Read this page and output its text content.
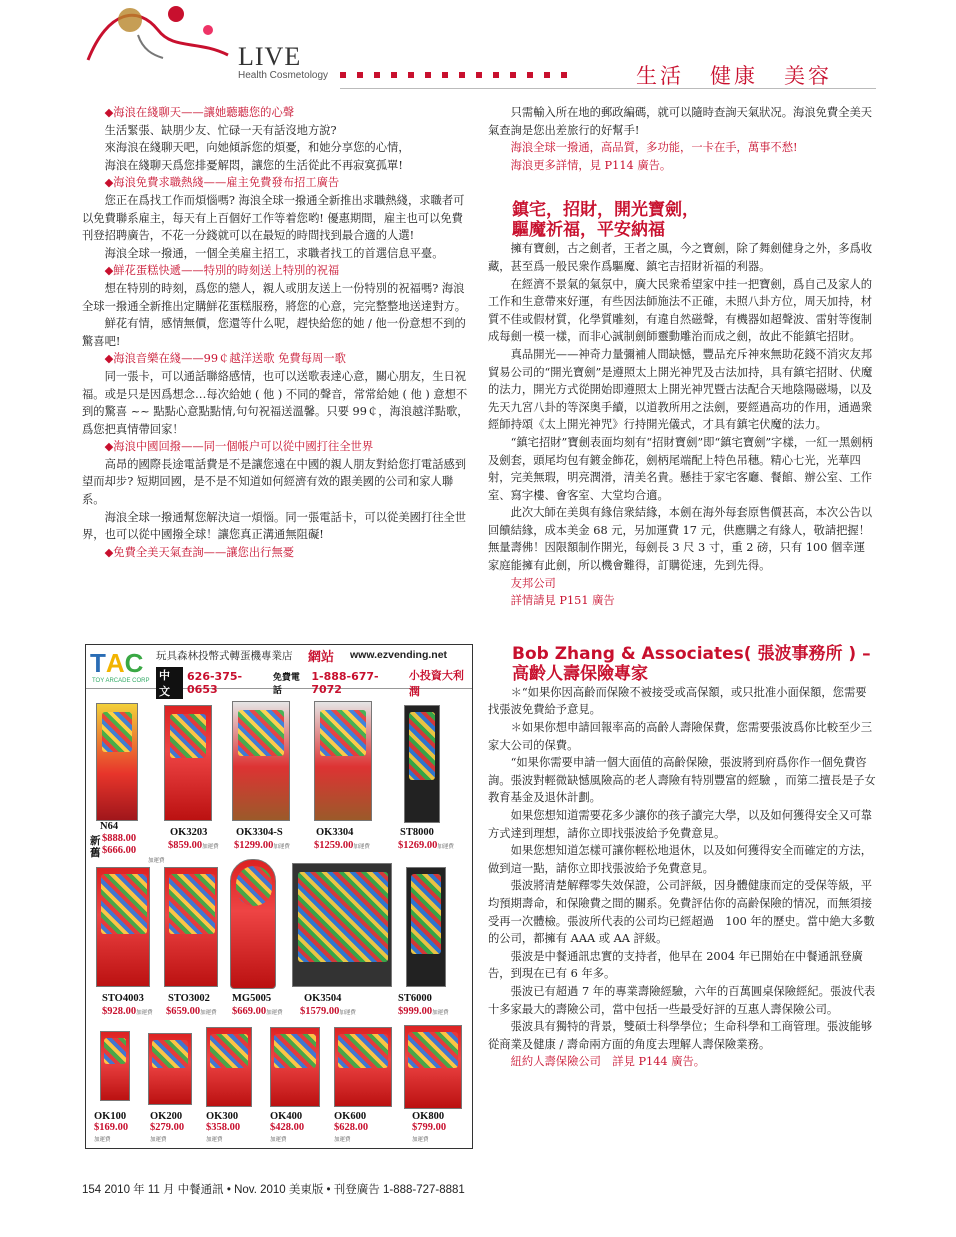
LIVE
Health Cosmetology	生活 健康 美容

◆海浪在綫聊天——讓她聽聽您的心聲

生活緊張、缺朋少友、忙碌一天有話沒地方說?

來海浪在綫聊天吧，向她傾訴您的煩憂，和她分享您的心情，

海浪在綫聊天爲您排憂解悶，讓您的生活從此不再寂寞孤單!

◆海浪免費求職熱綫——雇主免費發布招工廣告

您正在爲找工作而煩惱嗎? 海浪全球一撥通全新推出求職熱綫，求職者可以免費聯系雇主，每天有上百個好工作等着您哟! 優惠期間，雇主也可以免費刊登招聘廣告，不花一分錢就可以在最短的時間找到最合適的人選!

海浪全球一撥通，一個全美雇主招工，求職者找工的首選信息平臺。

◆鮮花蛋糕快遞——特別的時刻送上特別的祝福

想在特別的時刻，爲您的戀人，親人或朋友送上一份特別的祝福嗎? 海浪全球一撥通全新推出定購鮮花蛋糕服務，將您的心意，完完整整地送達對方。

鮮花有情，感情無價，您還等什么呢，趕快給您的她 / 他一份意想不到的驚喜吧!

◆海浪音樂在綫——99￠越洋送歌 免費每周一歌

同一張卡，可以通話聯絡感情，也可以送歌表達心意，關心朋友，生日祝福。或是只是因爲想念…每次給她 ( 他 ) 不同的聲音，常常給她 ( 他 ) 意想不到的驚喜 ~~ 點點心意點點情,句句祝福送溫馨。只要 99￠，海浪越洋點歌，爲您把真情帶回家！

◆海浪中國回撥——同一個帳户可以從中國打往全世界

高昂的國際長途電話費是不是讓您遠在中國的親人朋友對給您打電話感到望而却步? 短期回國，是不是不知道如何經濟有效的跟美國的公司和家人聯系。

海浪全球一撥通幫您解決這一煩惱。同一張電話卡，可以從美國打往全世界，也可以從中國撥全球！讓您真正溝通無阻礙!

◆免費全美天氣查詢——讓您出行無憂

T A C
TOY ARCADE CORP
玩具森林投幣式轉蛋機專業店 網站 www.ezvending.net
中文
626-375-0653
免費電話
1-888-677-7072
小投資大利潤
N64
新 $888.00
舊 $666.00
加運費
OK3203
$859.00加運費
OK3304-S
$1299.00加運費
OK3304
$1259.00加運費
ST8000
$1269.00加運費
STO4003
$928.00加運費
STO3002
$659.00加運費
MG5005
$669.00加運費
OK3504
$1579.00加運費
ST6000
$999.00加運費
OK100
$169.00
加運費
OK200
$279.00
加運費
OK300
$358.00
加運費
OK400
$428.00
加運費
OK600
$628.00
加運費
OK800
$799.00
加運費

只需輸入所在地的郵政編碼，就可以隨時查詢天氣狀况。海浪免費全美天氣查詢是您出差旅行的好幫手!

海浪全球一撥通，高品質，多功能，一卡在手，萬事不愁!

海浪更多詳情，見 P114 廣告。

鎮宅，招財，開光寶劍，
驅魔祈福，平安納福

擁有寶劍，古之劍者，王者之風，今之寶劍，除了舞劍健身之外，多爲收藏，甚至爲一般民衆作爲驅魔、鎮宅吉招財祈福的利器。

在經濟不景氣的氣氛中，廣大民衆希望家中挂一把寶劍，爲自己及家人的工作和生意帶來好運，有些因法師施法不正確，未照八卦方位，周天加持，材質不佳或假材質，化學質雕刻，有違自然磁聲，有機器如超聲波、雷射等復制成每劍一模一樣，而非心誠制劍師靈動雕治而成之劍，故此不能鎮宅招財。

真品開光——神奇力量彌補人間缺憾，豐品充斥神來無助花錢不消灾友邦貿易公司的“開光寶劍”是遵照太上開光神咒及古法加持，具有鎮宅招財、伏魔的法力，開光方式從開始即遵照太上開光神咒暨古法配合天地陰陽磁場，以及先天九宮八卦的等深奥手續，以道教所用之法劍，要經過高功的作用，通過衆經師持頌《太上開光神咒》行持開光儀式，才具有鎮宅伏魔的法力。

“鎮宅招財”寶劍表面均刻有“招財寶劍”即“鎮宅寶劍”字樣，一紅一黑劍柄及劍套，頭尾均包有鍍金飾花，劍柄尾端配上特色吊穗。精心七光，光華四射，完美無瑕，明亮潤滑，清美名貴。懸挂于家宅客廳、餐館、辦公室、工作室、寫字樓、會客室、大堂均合適。

此次大師在美與有緣信衆結緣，本劍在海外每套原售價甚高，本次公告以回饋結緣，成本美金 68 元，另加運費 17 元，供應購之有緣人，敬請把握！無量壽佛！因限額制作開光，每劍長 3 尺 3 寸，重 2 磅，只有 100 個幸運家庭能擁有此劍，所以機會難得，訂購從速，先到先得。

友邦公司

詳情請見 P151 廣告

Bob Zhang & Associates( 張波事務所 ) –
高齡人壽保險專家

＊“如果你因高齡而保險不被接受或高保額，或只批准小面保額，您需要找張波免費給予意見。

＊如果你想申請回報率高的高齡人壽險保費，您需要張波爲你比較至少三家大公司的保費。

“如果你需要申請一個大面值的高齡保險，張波將到府爲你作一個免費咨詢。張波對輕微缺憾風險高的老人壽險有特別豐富的經驗 ，而第二擅長是子女教育基金及退休計劃。

如果您想知道需要花多少讓你的孩子讀完大學，以及如何獲得安全又可靠方式達到理想，請你立即找張波給予免費意見。

如果您想知道怎樣可讓你輕松地退休，以及如何獲得安全而確定的方法，做到這一點，請你立即找張波給予免費意見。

張波將清楚解釋零失效保證，公司評級，因身體健康而定的受保等級，平均預期壽命，和保險費之間的關系。免費評估你的高齡保險的情况，而無須接受再一次體檢。張波所代表的公司均已經超過　100 年的歷史。當中絶大多數的公司，都擁有 AAA 或 AA 評級。

張波是中餐通訊忠實的支持者，他早在 2004 年已開始在中餐通訊登廣告，到現在已有 6 年多。

張波已有超過 7 年的專業壽險經驗，六年的百萬圓桌保險經紀。張波代表十多家最大的壽險公司，當中包括一些最受好評的互惠人壽保險公司。

張波具有獨特的背景，雙碩士科學學位；生命科學和工商管理。張波能够從商業及健康 / 壽命兩方面的角度去理解人壽保險業務。

紐約人壽保險公司　詳見 P144 廣告。

154 2010 年 11 月 中餐通訊 • Nov. 2010 美東版 • 刊登廣告 1-888-727-8881
